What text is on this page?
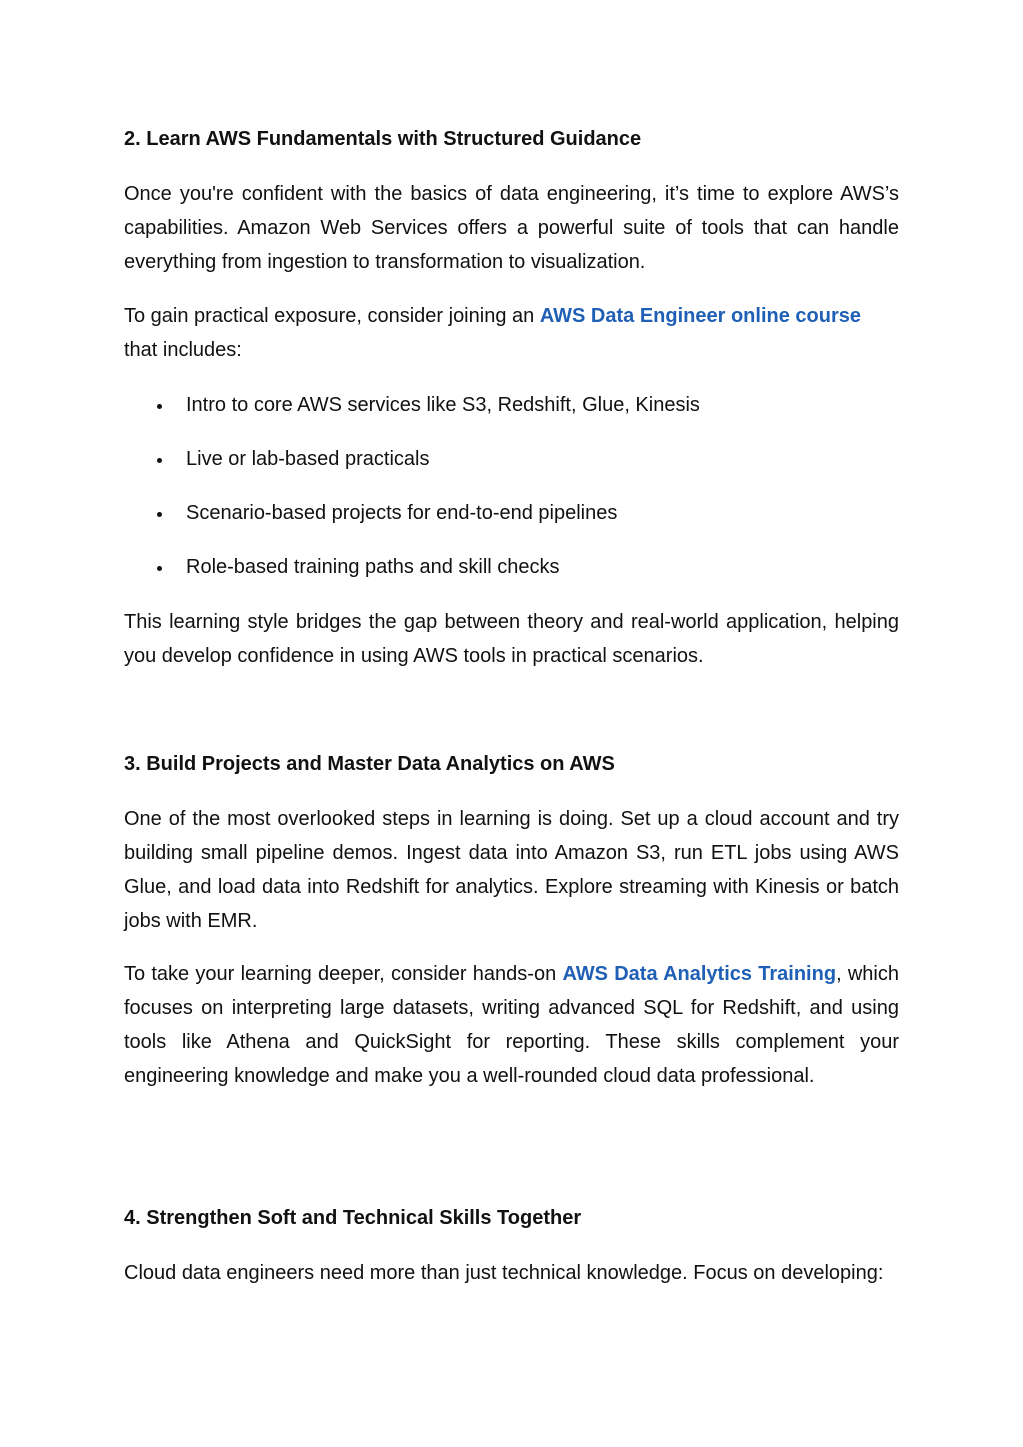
2. Learn AWS Fundamentals with Structured Guidance
Once you're confident with the basics of data engineering, it’s time to explore AWS’s capabilities. Amazon Web Services offers a powerful suite of tools that can handle everything from ingestion to transformation to visualization.
To gain practical exposure, consider joining an AWS Data Engineer online course
that includes:
Intro to core AWS services like S3, Redshift, Glue, Kinesis
Live or lab-based practicals
Scenario-based projects for end-to-end pipelines
Role-based training paths and skill checks
This learning style bridges the gap between theory and real-world application, helping you develop confidence in using AWS tools in practical scenarios.
3. Build Projects and Master Data Analytics on AWS
One of the most overlooked steps in learning is doing. Set up a cloud account and try building small pipeline demos. Ingest data into Amazon S3, run ETL jobs using AWS Glue, and load data into Redshift for analytics. Explore streaming with Kinesis or batch jobs with EMR.
To take your learning deeper, consider hands-on AWS Data Analytics Training, which focuses on interpreting large datasets, writing advanced SQL for Redshift, and using tools like Athena and QuickSight for reporting. These skills complement your engineering knowledge and make you a well-rounded cloud data professional.
4. Strengthen Soft and Technical Skills Together
Cloud data engineers need more than just technical knowledge. Focus on developing:
